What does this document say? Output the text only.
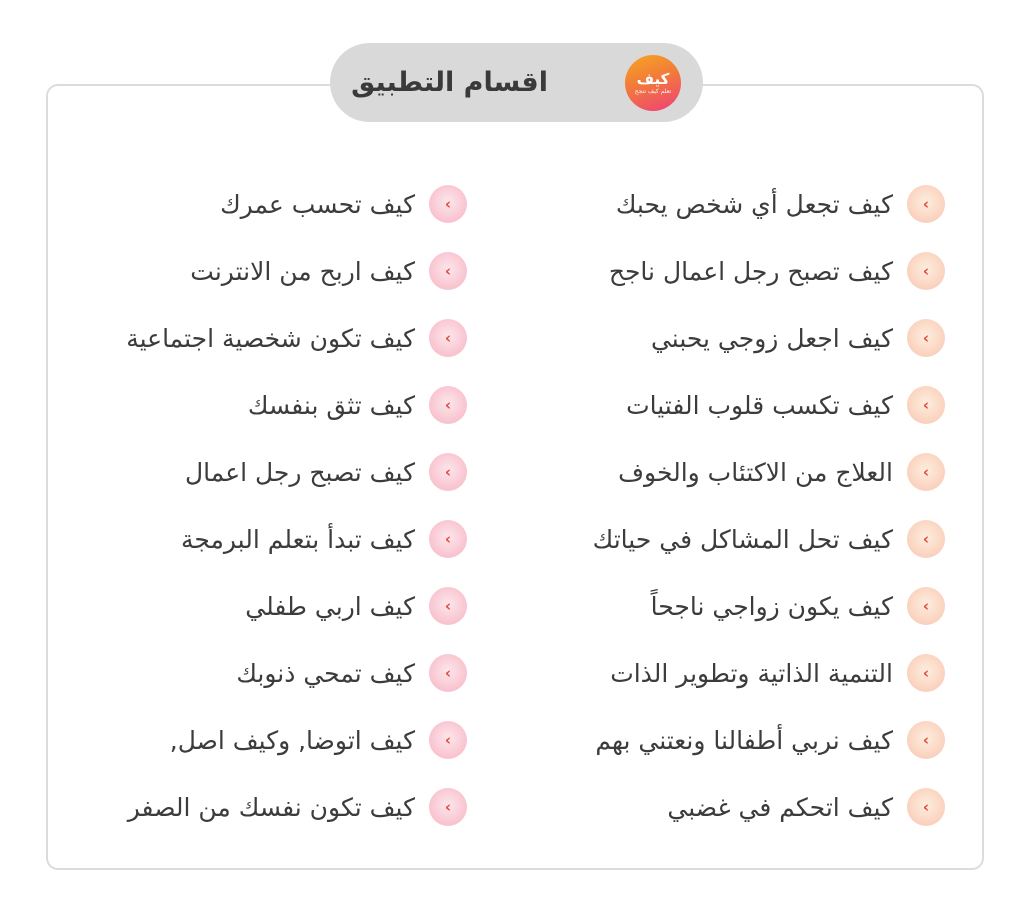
اقسام التطبيق	كيف
تعلم كيف تنجح
‹
كيف تجعل أي شخص يحبك
‹
كيف تصبح رجل اعمال ناجح
‹
كيف اجعل زوجي يحبني
‹
كيف تكسب قلوب الفتيات
‹
العلاج من الاكتئاب والخوف
‹
كيف تحل المشاكل في حياتك
‹
كيف يكون زواجي ناجحاً
‹
التنمية الذاتية وتطوير الذات
‹
كيف نربي أطفالنا ونعتني بهم
‹
كيف اتحكم في غضبي
‹
كيف تحسب عمرك
‹
كيف اربح من الانترنت
‹
كيف تكون شخصية اجتماعية
‹
كيف تثق بنفسك
‹
كيف تصبح رجل اعمال
‹
كيف تبدأ بتعلم البرمجة
‹
كيف اربي طفلي
‹
كيف تمحي ذنوبك
‹
كيف اتوضا, وكيف اصل,
‹
كيف تكون نفسك من الصفر
